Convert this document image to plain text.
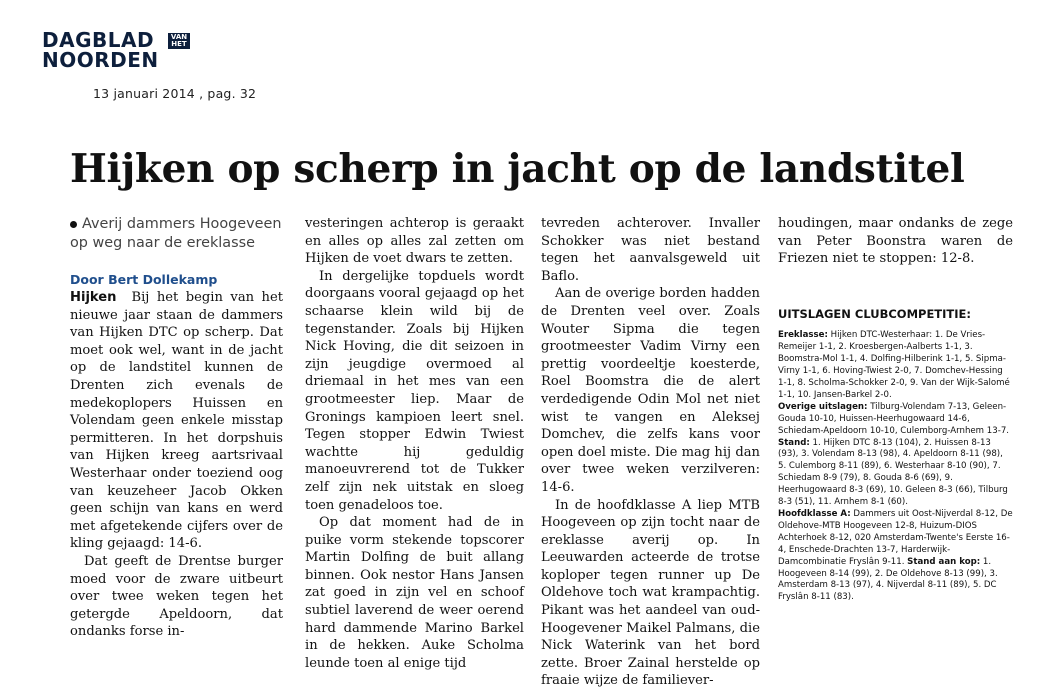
DAGBLAD
NOORDEN
VAN HET
13 januari 2014 , pag. 32
Hijken op scherp in jacht op de landstitel
Averij dammers Hoogeveen op weg naar de ereklasse
Door Bert Dollekamp

Hijken Bij het begin van het nieuwe jaar staan de dammers van Hijken DTC op scherp. Dat moet ook wel, want in de jacht op de landstitel kunnen de Drenten zich evenals de medekoplopers Huissen en Volendam geen enkele misstap permitteren. In het dorpshuis van Hijken kreeg aartsrivaal Westerhaar onder toeziend oog van keuzeheer Jacob Okken geen schijn van kans en werd met afgetekende cijfers over de kling gejaagd: 14-6.

Dat geeft de Drentse burger moed voor de zware uitbeurt over twee weken tegen het getergde Apeldoorn, dat ondanks forse in-

vesteringen achterop is geraakt en alles op alles zal zetten om Hijken de voet dwars te zetten.

In dergelijke topduels wordt doorgaans vooral gejaagd op het schaarse klein wild bij de tegenstander. Zoals bij Hijken Nick Hoving, die dit seizoen in zijn jeugdige overmoed al driemaal in het mes van een grootmeester liep. Maar de Gronings kampioen leert snel. Tegen stopper Edwin Twiest wachtte hij geduldig manoeuvrerend tot de Tukker zelf zijn nek uitstak en sloeg toen genadeloos toe.

Op dat moment had de in puike vorm stekende topscorer Martin Dolfing de buit allang binnen. Ook nestor Hans Jansen zat goed in zijn vel en schoof subtiel laverend de weer oerend hard dammende Marino Barkel in de hekken. Auke Scholma leunde toen al enige tijd

tevreden achterover. Invaller Schokker was niet bestand tegen het aanvalsgeweld uit Baflo.

Aan de overige borden hadden de Drenten veel over. Zoals Wouter Sipma die tegen grootmeester Vadim Virny een prettig voordeeltje koesterde, Roel Boomstra die de alert verdedigende Odin Mol net niet wist te vangen en Aleksej Domchev, die zelfs kans voor open doel miste. Die mag hij dan over twee weken verzilveren: 14-6.

In de hoofdklasse A liep MTB Hoogeveen op zijn tocht naar de ereklasse averij op. In Leeuwarden acteerde de trotse koploper tegen runner up De Oldehove toch wat krampachtig. Pikant was het aandeel van oud-Hoogevener Maikel Palmans, die Nick Waterink van het bord zette. Broer Zainal herstelde op fraaie wijze de familiever-

houdingen, maar ondanks de zege van Peter Boonstra waren de Friezen niet te stoppen: 12-8.

UITSLAGEN CLUBCOMPETITIE:
Ereklasse: Hijken DTC-Westerhaar: 1. De Vries-Remeijer 1-1, 2. Kroesbergen-Aalberts 1-1, 3. Boomstra-Mol 1-1, 4. Dolfing-Hilberink 1-1, 5. Sipma-Virny 1-1, 6. Hoving-Twiest 2-0, 7. Domchev-Hessing 1-1, 8. Scholma-Schokker 2-0, 9. Van der Wijk-Salomé 1-1, 10. Jansen-Barkel 2-0.
Overige uitslagen: Tilburg-Volendam 7-13, Geleen-Gouda 10-10, Huissen-Heerhugowaard 14-6, Schiedam-Apeldoorn 10-10, Culemborg-Arnhem 13-7. Stand: 1. Hijken DTC 8-13 (104), 2. Huissen 8-13 (93), 3. Volendam 8-13 (98), 4. Apeldoorn 8-11 (98), 5. Culemborg 8-11 (89), 6. Westerhaar 8-10 (90), 7. Schiedam 8-9 (79), 8. Gouda 8-6 (69), 9. Heerhugowaard 8-3 (69), 10. Geleen 8-3 (66), Tilburg 8-3 (51), 11. Arnhem 8-1 (60).
Hoofdklasse A: Dammers uit Oost-Nijverdal 8-12, De Oldehove-MTB Hoogeveen 12-8, Huizum-DIOS Achterhoek 8-12, 020 Amsterdam-Twente's Eerste 16-4, Enschede-Drachten 13-7, Harderwijk-Damcombinatie Fryslân 9-11. Stand aan kop: 1. Hoogeveen 8-14 (99), 2. De Oldehove 8-13 (99), 3. Amsterdam 8-13 (97), 4. Nijverdal 8-11 (89), 5. DC Fryslân 8-11 (83).
